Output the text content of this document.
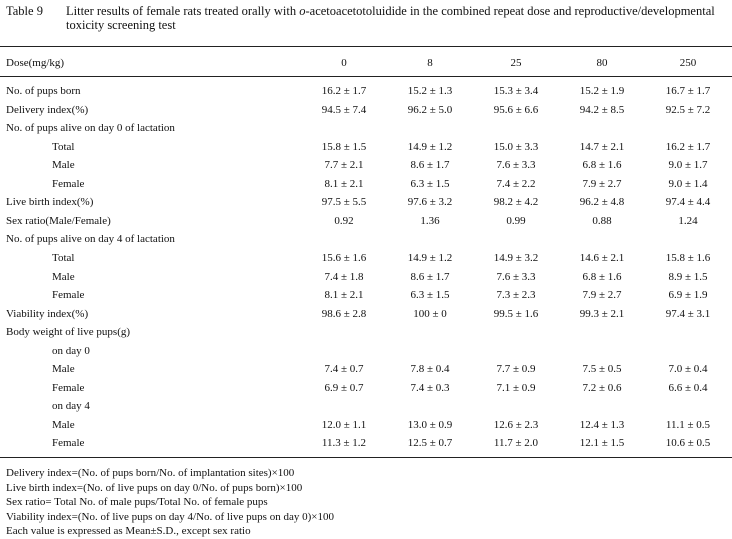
Table 9 Litter results of female rats treated orally with o-acetoacetotoluidide in the combined repeat dose and reproductive/developmental toxicity screening test
Dose(mg/kg)	0	8	25	80	250
No. of pups born	16.2 ± 1.7	15.2 ± 1.3	15.3 ± 3.4	15.2 ± 1.9	16.7 ± 1.7
Delivery index(%)	94.5 ± 7.4	96.2 ± 5.0	95.6 ± 6.6	94.2 ± 8.5	92.5 ± 7.2
No. of pups alive on day 0 of lactation
Total	15.8 ± 1.5	14.9 ± 1.2	15.0 ± 3.3	14.7 ± 2.1	16.2 ± 1.7
Male	7.7 ± 2.1	8.6 ± 1.7	7.6 ± 3.3	6.8 ± 1.6	9.0 ± 1.7
Female	8.1 ± 2.1	6.3 ± 1.5	7.4 ± 2.2	7.9 ± 2.7	9.0 ± 1.4
Live birth index(%)	97.5 ± 5.5	97.6 ± 3.2	98.2 ± 4.2	96.2 ± 4.8	97.4 ± 4.4
Sex ratio(Male/Female)	0.92	1.36	0.99	0.88	1.24
No. of pups alive on day 4 of lactation
Total	15.6 ± 1.6	14.9 ± 1.2	14.9 ± 3.2	14.6 ± 2.1	15.8 ± 1.6
Male	7.4 ± 1.8	8.6 ± 1.7	7.6 ± 3.3	6.8 ± 1.6	8.9 ± 1.5
Female	8.1 ± 2.1	6.3 ± 1.5	7.3 ± 2.3	7.9 ± 2.7	6.9 ± 1.9
Viability index(%)	98.6 ± 2.8	100 ± 0	99.5 ± 1.6	99.3 ± 2.1	97.4 ± 3.1
Body weight of live pups(g)
on day 0
Male	7.4 ± 0.7	7.8 ± 0.4	7.7 ± 0.9	7.5 ± 0.5	7.0 ± 0.4
Female	6.9 ± 0.7	7.4 ± 0.3	7.1 ± 0.9	7.2 ± 0.6	6.6 ± 0.4
on day 4
Male	12.0 ± 1.1	13.0 ± 0.9	12.6 ± 2.3	12.4 ± 1.3	11.1 ± 0.5
Female	11.3 ± 1.2	12.5 ± 0.7	11.7 ± 2.0	12.1 ± 1.5	10.6 ± 0.5
Delivery index=(No. of pups born/No. of implantation sites)×100
Live birth index=(No. of live pups on day 0/No. of pups born)×100
Sex ratio= Total No. of male pups/Total No. of female pups
Viability index=(No. of live pups on day 4/No. of live pups on day 0)×100
Each value is expressed as Mean±S.D., except sex ratio
